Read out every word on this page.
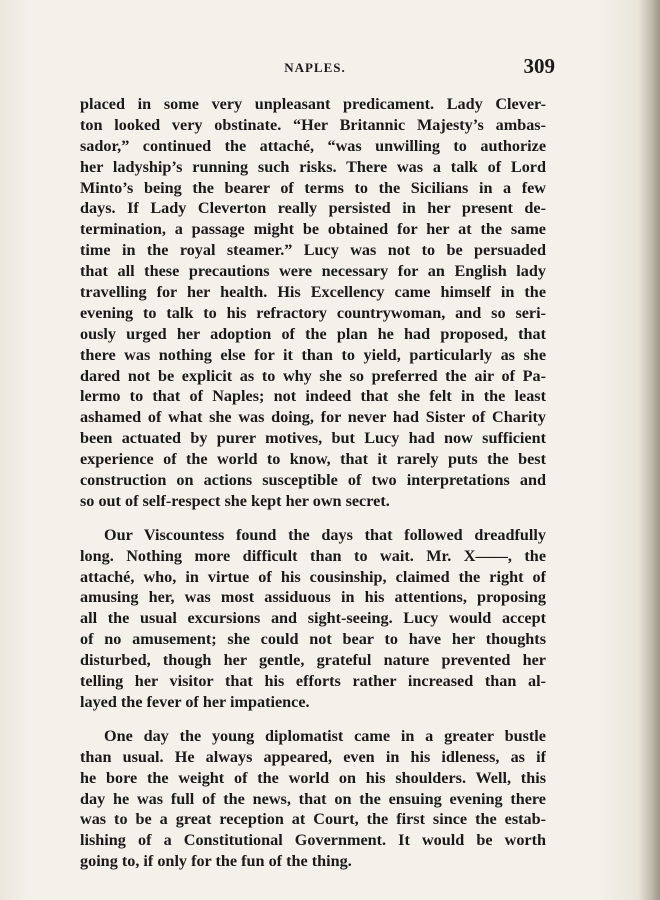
NAPLES.	309
placed in some very unpleasant predicament. Lady Clever-
ton looked very obstinate. “Her Britannic Majesty’s ambas-
sador,” continued the attaché, “was unwilling to authorize
her ladyship’s running such risks. There was a talk of Lord
Minto’s being the bearer of terms to the Sicilians in a few
days. If Lady Cleverton really persisted in her present de-
termination, a passage might be obtained for her at the same
time in the royal steamer.” Lucy was not to be persuaded
that all these precautions were necessary for an English lady
travelling for her health. His Excellency came himself in the
evening to talk to his refractory countrywoman, and so seri-
ously urged her adoption of the plan he had proposed, that
there was nothing else for it than to yield, particularly as she
dared not be explicit as to why she so preferred the air of Pa-
lermo to that of Naples; not indeed that she felt in the least
ashamed of what she was doing, for never had Sister of Charity
been actuated by purer motives, but Lucy had now sufficient
experience of the world to know, that it rarely puts the best
construction on actions susceptible of two interpretations and
so out of self-respect she kept her own secret.
Our Viscountess found the days that followed dreadfully
long. Nothing more difficult than to wait. Mr. X——, the
attaché, who, in virtue of his cousinship, claimed the right of
amusing her, was most assiduous in his attentions, proposing
all the usual excursions and sight-seeing. Lucy would accept
of no amusement; she could not bear to have her thoughts
disturbed, though her gentle, grateful nature prevented her
telling her visitor that his efforts rather increased than al-
layed the fever of her impatience.
One day the young diplomatist came in a greater bustle
than usual. He always appeared, even in his idleness, as if
he bore the weight of the world on his shoulders. Well, this
day he was full of the news, that on the ensuing evening there
was to be a great reception at Court, the first since the estab-
lishing of a Constitutional Government. It would be worth
going to, if only for the fun of the thing.
